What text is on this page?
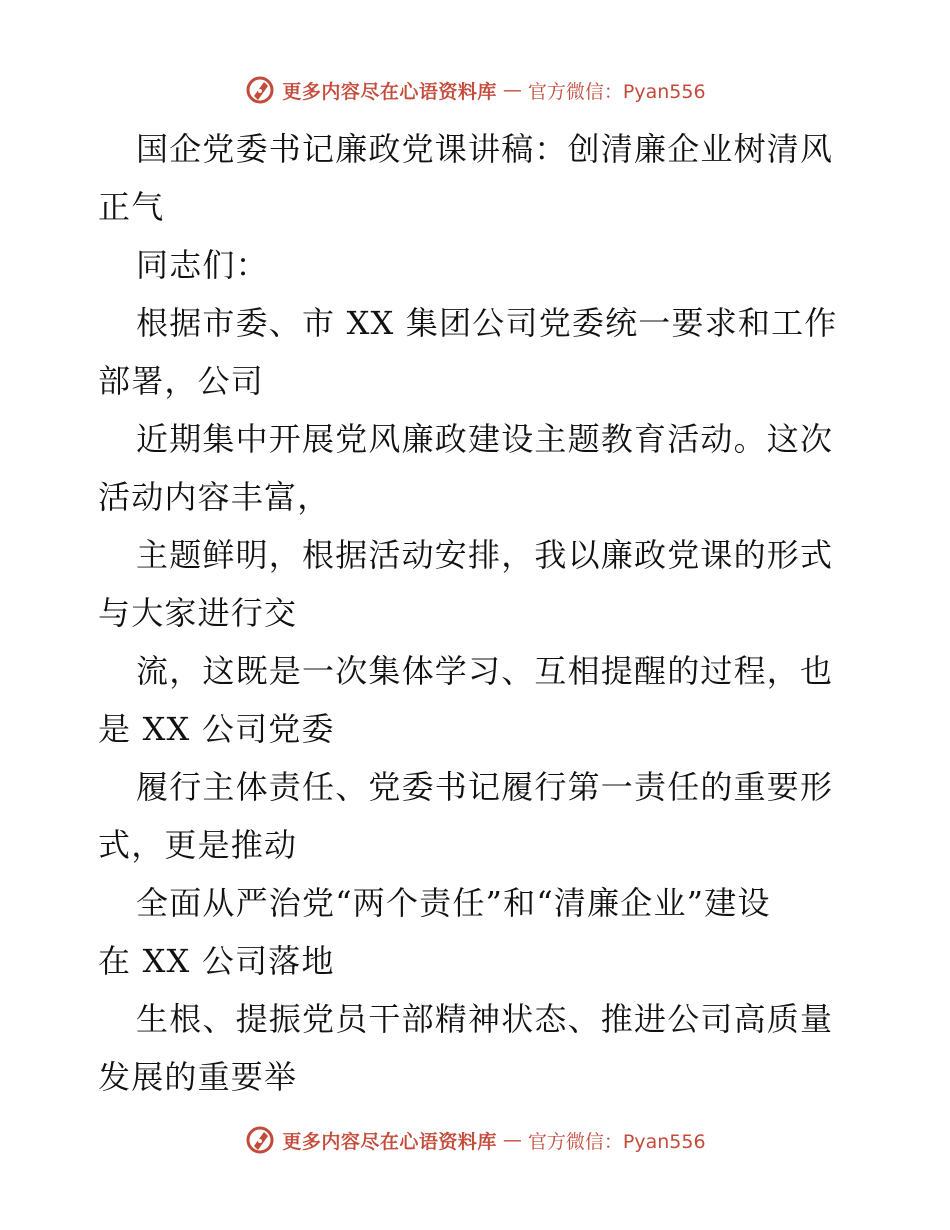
更多内容尽在心语资料库 — 官方微信：Pyan556

国企党委书记廉政党课讲稿：创清廉企业树清风
正气

同志们：

根据市委、市 XX 集团公司党委统一要求和工作
部署，公司

近期集中开展党风廉政建设主题教育活动。这次
活动内容丰富，

主题鲜明，根据活动安排，我以廉政党课的形式
与大家进行交

流，这既是一次集体学习、互相提醒的过程，也
是 XX 公司党委

履行主体责任、党委书记履行第一责任的重要形
式，更是推动

全面从严治党“两个责任”和“清廉企业”建设
在 XX 公司落地

生根、提振党员干部精神状态、推进公司高质量
发展的重要举

更多内容尽在心语资料库 — 官方微信：Pyan556
